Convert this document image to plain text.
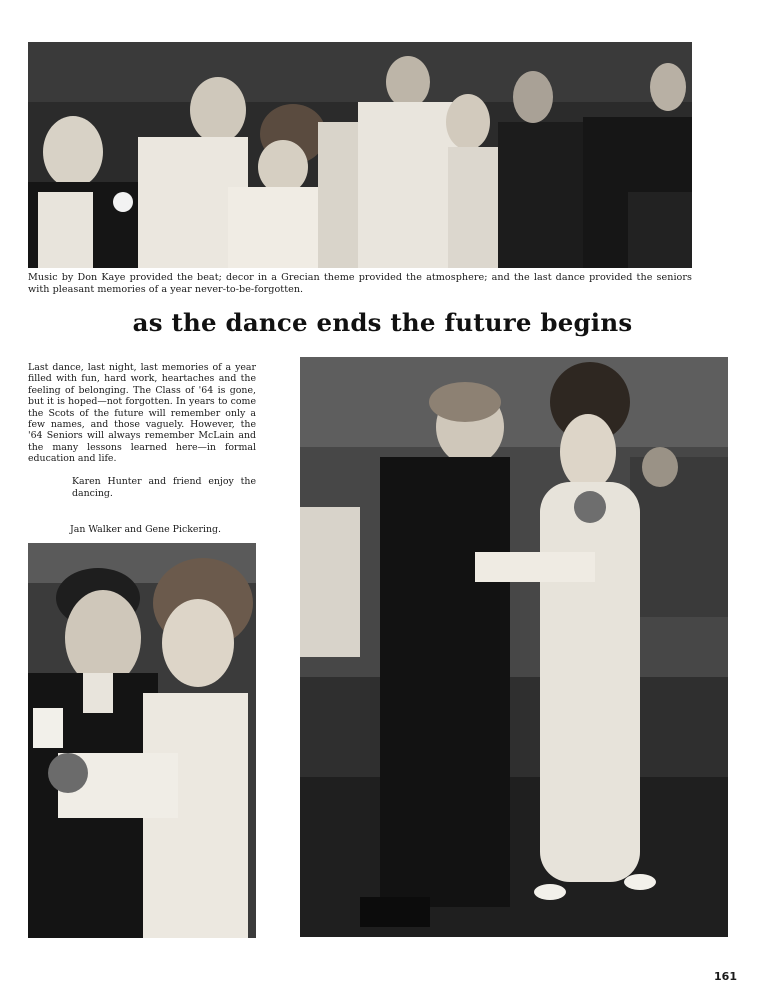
Music by Don Kaye provided the beat; decor in a Grecian theme provided the atmosphere; and the last dance provided the seniors with pleasant memories of a year never-to-be-forgotten.
as the dance ends the future begins
Last dance, last night, last memories of a year filled with fun, hard work, heartaches and the feeling of belonging. The Class of '64 is gone, but it is hoped—not forgotten. In years to come the Scots of the future will remember only a few names, and those vaguely. However, the '64 Seniors will always remember McLain and the many lessons learned here—in formal education and life.
Karen Hunter and friend enjoy the dancing.
Jan Walker and Gene Pickering.
161
